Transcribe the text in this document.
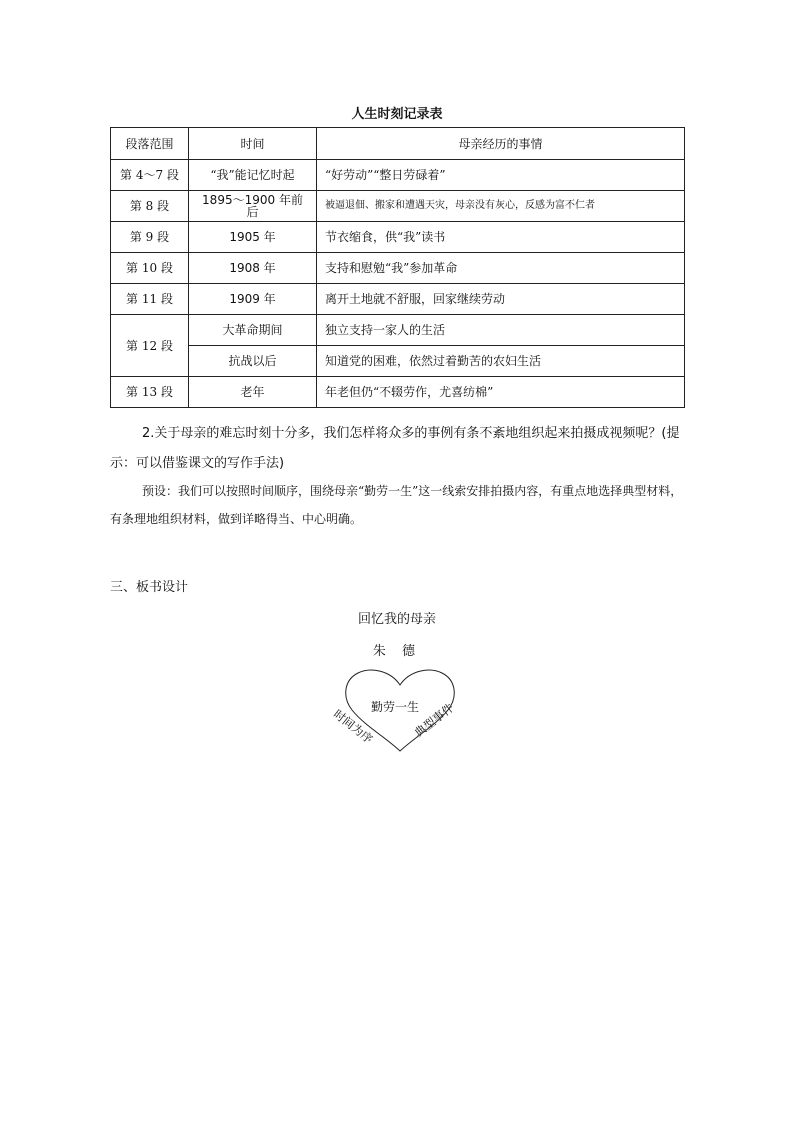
人生时刻记录表
段落范围	时间	母亲经历的事情
第 4～7 段	“我”能记忆时起	“好劳动”“整日劳碌着”
第 8 段	1895～1900 年前后	被逼退佃、搬家和遭遇天灾，母亲没有灰心，反感为富不仁者
第 9 段	1905 年	节衣缩食，供“我”读书
第 10 段	1908 年	支持和慰勉“我”参加革命
第 11 段	1909 年	离开土地就不舒服，回家继续劳动
第 12 段	大革命期间	独立支持一家人的生活
	抗战以后	知道党的困难，依然过着勤苦的农妇生活
第 13 段	老年	年老但仍“不辍劳作，尤喜纺棉”
2.关于母亲的难忘时刻十分多，我们怎样将众多的事例有条不紊地组织起来拍摄成视频呢？(提示：可以借鉴课文的写作手法)
预设：我们可以按照时间顺序，围绕母亲“勤劳一生”这一线索安排拍摄内容，有重点地选择典型材料，有条理地组织材料，做到详略得当、中心明确。
三、板书设计
回忆我的母亲
朱 德
勤劳一生
时间为序	典型事件
